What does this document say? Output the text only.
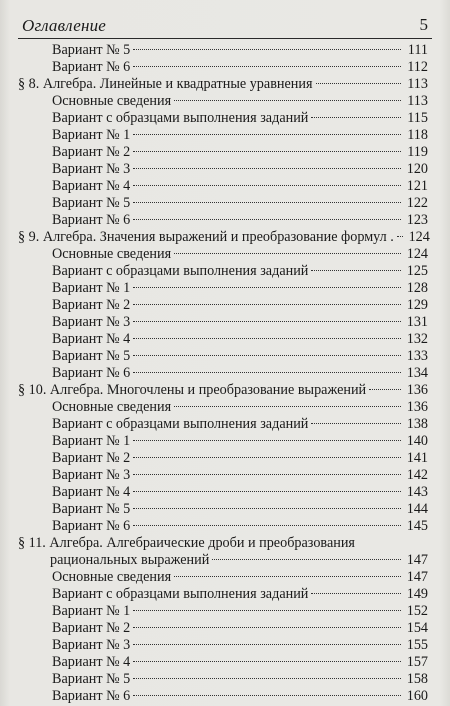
Оглавление	5
Вариант № 5	111
Вариант № 6	112
§ 8. Алгебра. Линейные и квадратные уравнения	113
Основные сведения	113
Вариант с образцами выполнения заданий	115
Вариант № 1	118
Вариант № 2	119
Вариант № 3	120
Вариант № 4	121
Вариант № 5	122
Вариант № 6	123
§ 9. Алгебра. Значения выражений и преобразование формул . 124
Основные сведения	124
Вариант с образцами выполнения заданий	125
Вариант № 1	128
Вариант № 2	129
Вариант № 3	131
Вариант № 4	132
Вариант № 5	133
Вариант № 6	134
§ 10. Алгебра. Многочлены и преобразование выражений	136
Основные сведения	136
Вариант с образцами выполнения заданий	138
Вариант № 1	140
Вариант № 2	141
Вариант № 3	142
Вариант № 4	143
Вариант № 5	144
Вариант № 6	145
§ 11. Алгебра. Алгебраические дроби и преобразования
рациональных выражений	147
Основные сведения	147
Вариант с образцами выполнения заданий	149
Вариант № 1	152
Вариант № 2	154
Вариант № 3	155
Вариант № 4	157
Вариант № 5	158
Вариант № 6	160
